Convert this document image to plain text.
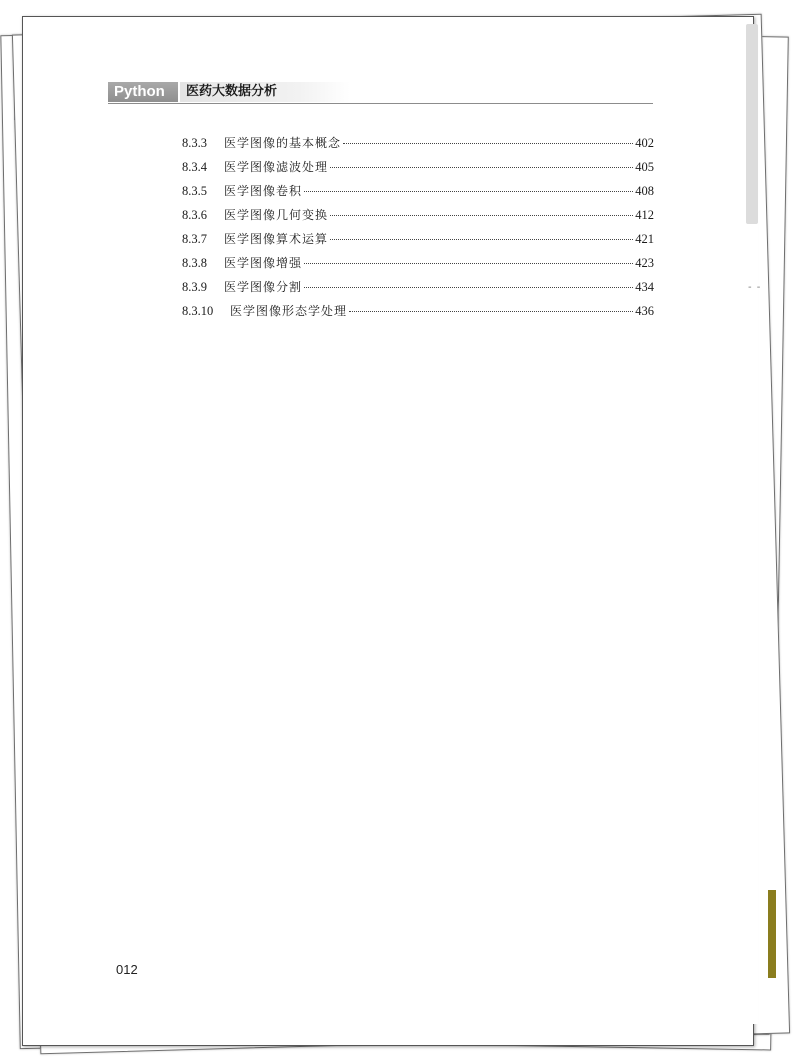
- -
Python	医药大数据分析
8.3.3	医学图像的基本概念	402
8.3.4	医学图像滤波处理	405
8.3.5	医学图像卷积	408
8.3.6	医学图像几何变换	412
8.3.7	医学图像算术运算	421
8.3.8	医学图像增强	423
8.3.9	医学图像分割	434
8.3.10	医学图像形态学处理	436
012
